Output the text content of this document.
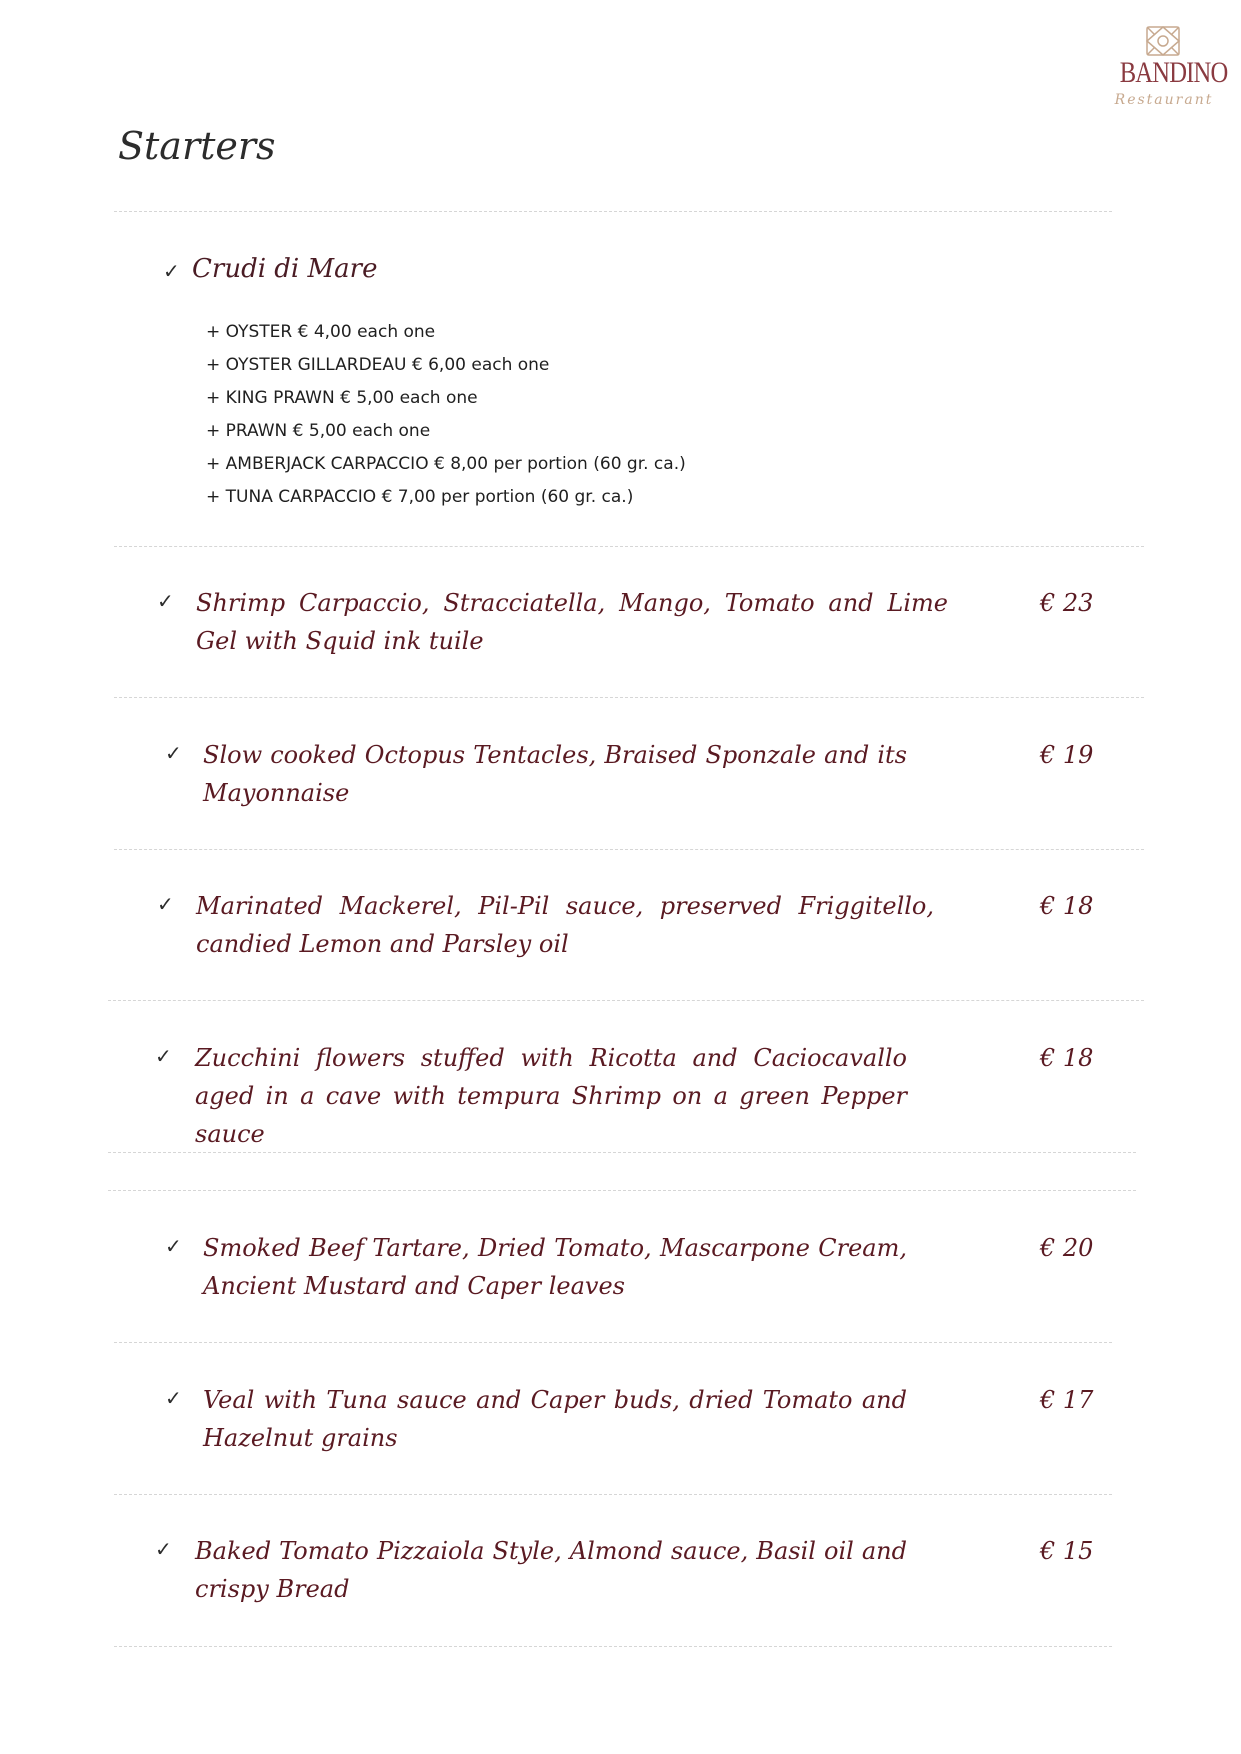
BANDINO
Restaurant
Starters
✓ Crudi di Mare
+ OYSTER € 4,00 each one
+ OYSTER GILLARDEAU € 6,00 each one
+ KING PRAWN € 5,00 each one
+ PRAWN € 5,00 each one
+ AMBERJACK CARPACCIO € 8,00 per portion (60 gr. ca.)
+ TUNA CARPACCIO € 7,00 per portion (60 gr. ca.)
✓ Shrimp Carpaccio, Stracciatella, Mango, Tomato and Lime Gel with Squid ink tuile

€ 23
✓ Slow cooked Octopus Tentacles, Braised Sponzale and its Mayonnaise

€ 19
✓ Marinated Mackerel, Pil-Pil sauce, preserved Friggitello, candied Lemon and Parsley oil

€ 18
✓ Zucchini flowers stuffed with Ricotta and Caciocavallo aged in a cave with tempura Shrimp on a green Pepper sauce

€ 18
✓ Smoked Beef Tartare, Dried Tomato, Mascarpone Cream, Ancient Mustard and Caper leaves

€ 20
✓ Veal with Tuna sauce and Caper buds, dried Tomato and Hazelnut grains

€ 17
✓ Baked Tomato Pizzaiola Style, Almond sauce, Basil oil and crispy Bread

€ 15
